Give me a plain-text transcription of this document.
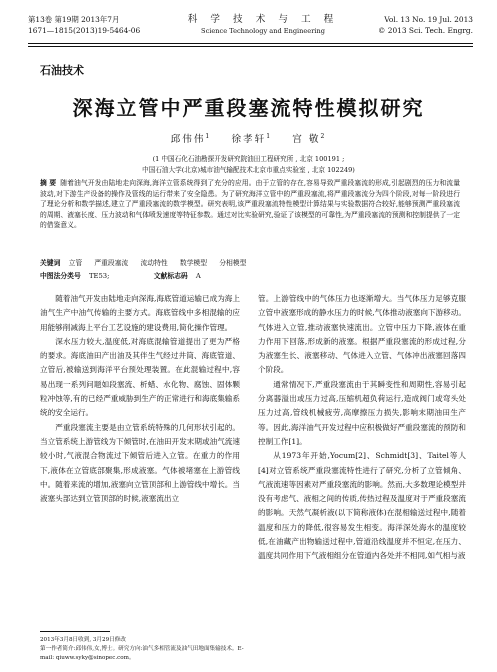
第13卷 第19期 2013年7月
1671—1815(2013)19-5464-06
科 学 技 术 与 工 程
Science Technology and Engineering
Vol. 13 No. 19 Jul. 2013
© 2013 Sci. Tech. Engrg.
石油技术
深海立管中严重段塞流特性模拟研究
邱伟伟$^1$ 徐孝轩$^1$ 宫 敬$^2$
(1 中国石化石油勘探开发研究院油田工程研究所 , 北京 100191 ;
中国石油大学(北京)城市油气输配技术北京市重点实验室 , 北京 102249)
摘 要 随着油气开发由陆地走向深海,海洋立管系统得到了充分的应用。由于立管的存在,容易导致严重段塞流的形成,引起剧烈的压力和流量波动,对下游生产设备的操作及管线的运行带来了安全隐患。为了研究海洋立管中的严重段塞流,将严重段塞流分为四个阶段,对每一阶段进行了理论分析和数学描述,建立了严重段塞流的数学模型。研究表明,该严重段塞流特性模型计算结果与实验数据符合较好,能够预测严重段塞流的周期、液塞长度、压力波动和气体喷发速度等特征参数。通过对比实验研究,验证了该模型的可靠性,为严重段塞流的预测和控制提供了一定的借鉴意义。
关键词 立管 严重段塞流 流动特性 数学模型 分相模型
中图法分类号 TE53;	文献标志码 A

随着油气开发由陆地走向深海,海底管道运输已成为海上油气生产中油气传输的主要方式。海底管线中多相混输的应用能够削减海上平台工艺设施的建设费用,简化操作管理。

深水压力较大,温度低,对海底混输管道提出了更为严格的要求。海底油田产出油及其伴生气经过井筒、海底管道、立管后,被输送到海洋平台预处理装置。在此混输过程中,容易出现一系列问题如段塞流、析蜡、水化物、腐蚀、固体颗粒冲蚀等,有的已经严重威胁到生产的正常进行和海底集输系统的安全运行。

严重段塞流主要是由立管系统特殊的几何形状引起的。当立管系统上游管线为下倾管时,在油田开发末期或油气流速较小时,气液混合物流过下倾管后进入立管。在重力的作用下,液体在立管底部聚集,形成液塞。气体被堵塞在上游管线中。随着来流的增加,液塞向立管顶部和上游管线中增长。当液塞头部达到立管顶部的时候,液塞流出立

管。上游管线中的气体压力也逐渐增大。当气体压力足够克服立管中液塞形成的静水压力的时候,气体推动液塞向下游移动。气体进入立管,推动液塞快速流出。立管中压力下降,液体在重力作用下回落,形成新的液塞。根据严重段塞流的形成过程,分为液塞生长、液塞移动、气体进入立管、气体冲出液塞回落四个阶段。

通常情况下,严重段塞流由于其瞬变性和周期性,容易引起分离器溢出或压力过高,压缩机超负荷运行,造成阀门或弯头处压力过高,管线机械疲劳,高摩擦压力损失,影响末期油田生产等。因此,海洋油气开发过程中应积极做好严重段塞流的预防和控制工作[1]。

从1973年开始,Yocum[2]、Schmidt[3]、Taitel等人[4]对立管系统严重段塞流特性进行了研究,分析了立管倾角、气液流速等因素对严重段塞流的影响。然而,大多数理论模型并没有考虑气、液相之间的传质,传热过程及温度对于严重段塞流的影响。天然气凝析液(以下简称液体)在混相输送过程中,随着温度和压力的降低,很容易发生相变。海洋深处海水的温度较低,在油藏产出物输送过程中,管道沿线温度并不恒定,在压力、温度共同作用下气液相组分在管道内各处并不相同,如气相与液

2013年3月8日收到, 3月29日修改
第一作者简介:邱伟伟,女,博士。研究方向:油气多相管流及油气田地面集输技术。E-mail: qiuww.syky@sinopec.com。
